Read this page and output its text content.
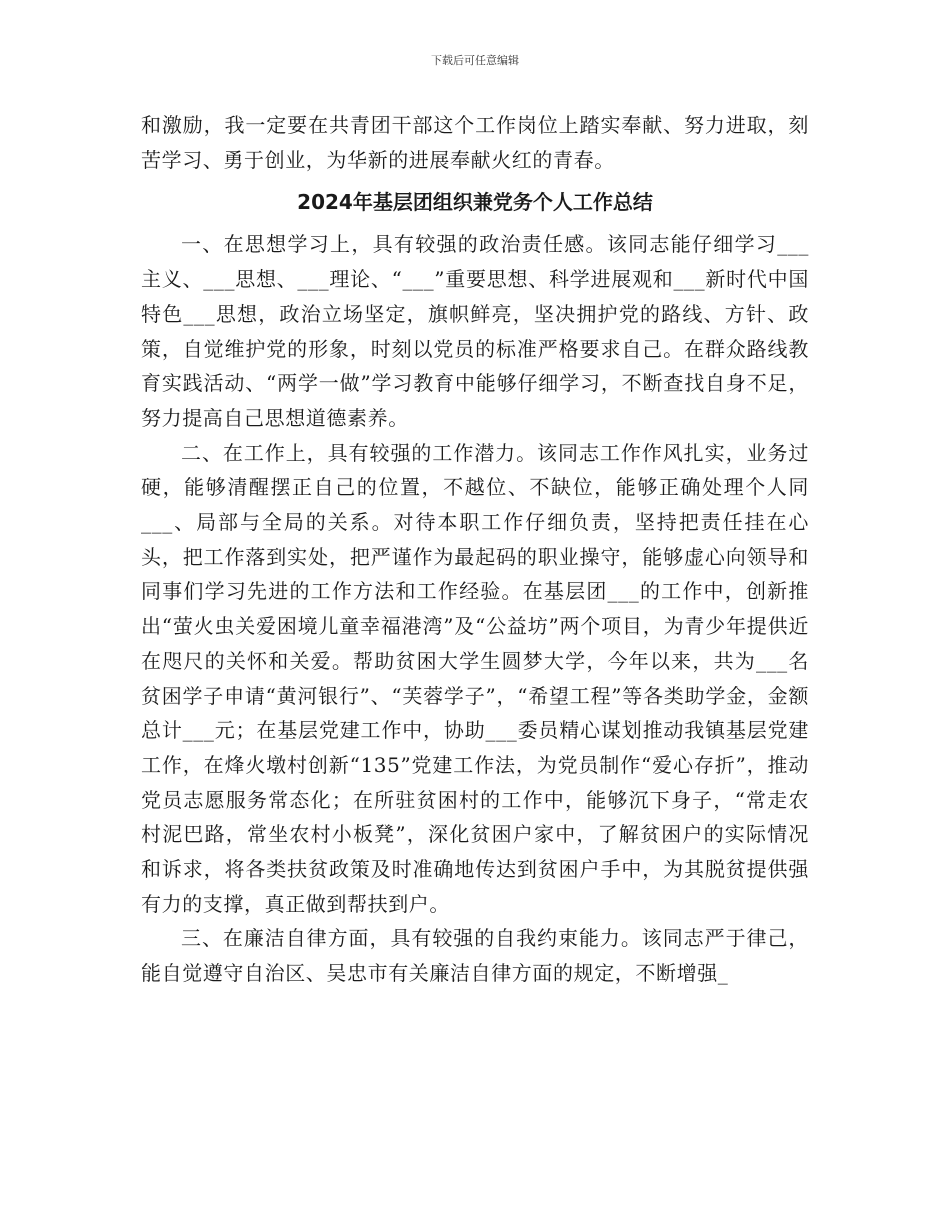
下载后可任意编辑

和激励，我一定要在共青团干部这个工作岗位上踏实奉献、努力进取，刻苦学习、勇于创业，为华新的进展奉献火红的青春。

2024年基层团组织兼党务个人工作总结

一、在思想学习上，具有较强的政治责任感。该同志能仔细学习___主义、___思想、___理论、“___”重要思想、科学进展观和___新时代中国特色___思想，政治立场坚定，旗帜鲜亮，坚决拥护党的路线、方针、政策，自觉维护党的形象，时刻以党员的标准严格要求自己。在群众路线教育实践活动、“两学一做”学习教育中能够仔细学习，不断查找自身不足，努力提高自己思想道德素养。

二、在工作上，具有较强的工作潜力。该同志工作作风扎实，业务过硬，能够清醒摆正自己的位置，不越位、不缺位，能够正确处理个人同___、局部与全局的关系。对待本职工作仔细负责，坚持把责任挂在心头，把工作落到实处，把严谨作为最起码的职业操守，能够虚心向领导和同事们学习先进的工作方法和工作经验。在基层团___的工作中，创新推出“萤火虫关爱困境儿童幸福港湾”及“公益坊”两个项目，为青少年提供近在咫尺的关怀和关爱。帮助贫困大学生圆梦大学，今年以来，共为___名贫困学子申请“黄河银行”、“芙蓉学子”，“希望工程”等各类助学金，金额总计___元；在基层党建工作中，协助___委员精心谋划推动我镇基层党建工作，在烽火墩村创新“135”党建工作法，为党员制作“爱心存折”，推动党员志愿服务常态化；在所驻贫困村的工作中，能够沉下身子，“常走农村泥巴路，常坐农村小板凳”，深化贫困户家中，了解贫困户的实际情况和诉求，将各类扶贫政策及时准确地传达到贫困户手中，为其脱贫提供强有力的支撑，真正做到帮扶到户。

三、在廉洁自律方面，具有较强的自我约束能力。该同志严于律己，能自觉遵守自治区、吴忠市有关廉洁自律方面的规定，不断增强_
